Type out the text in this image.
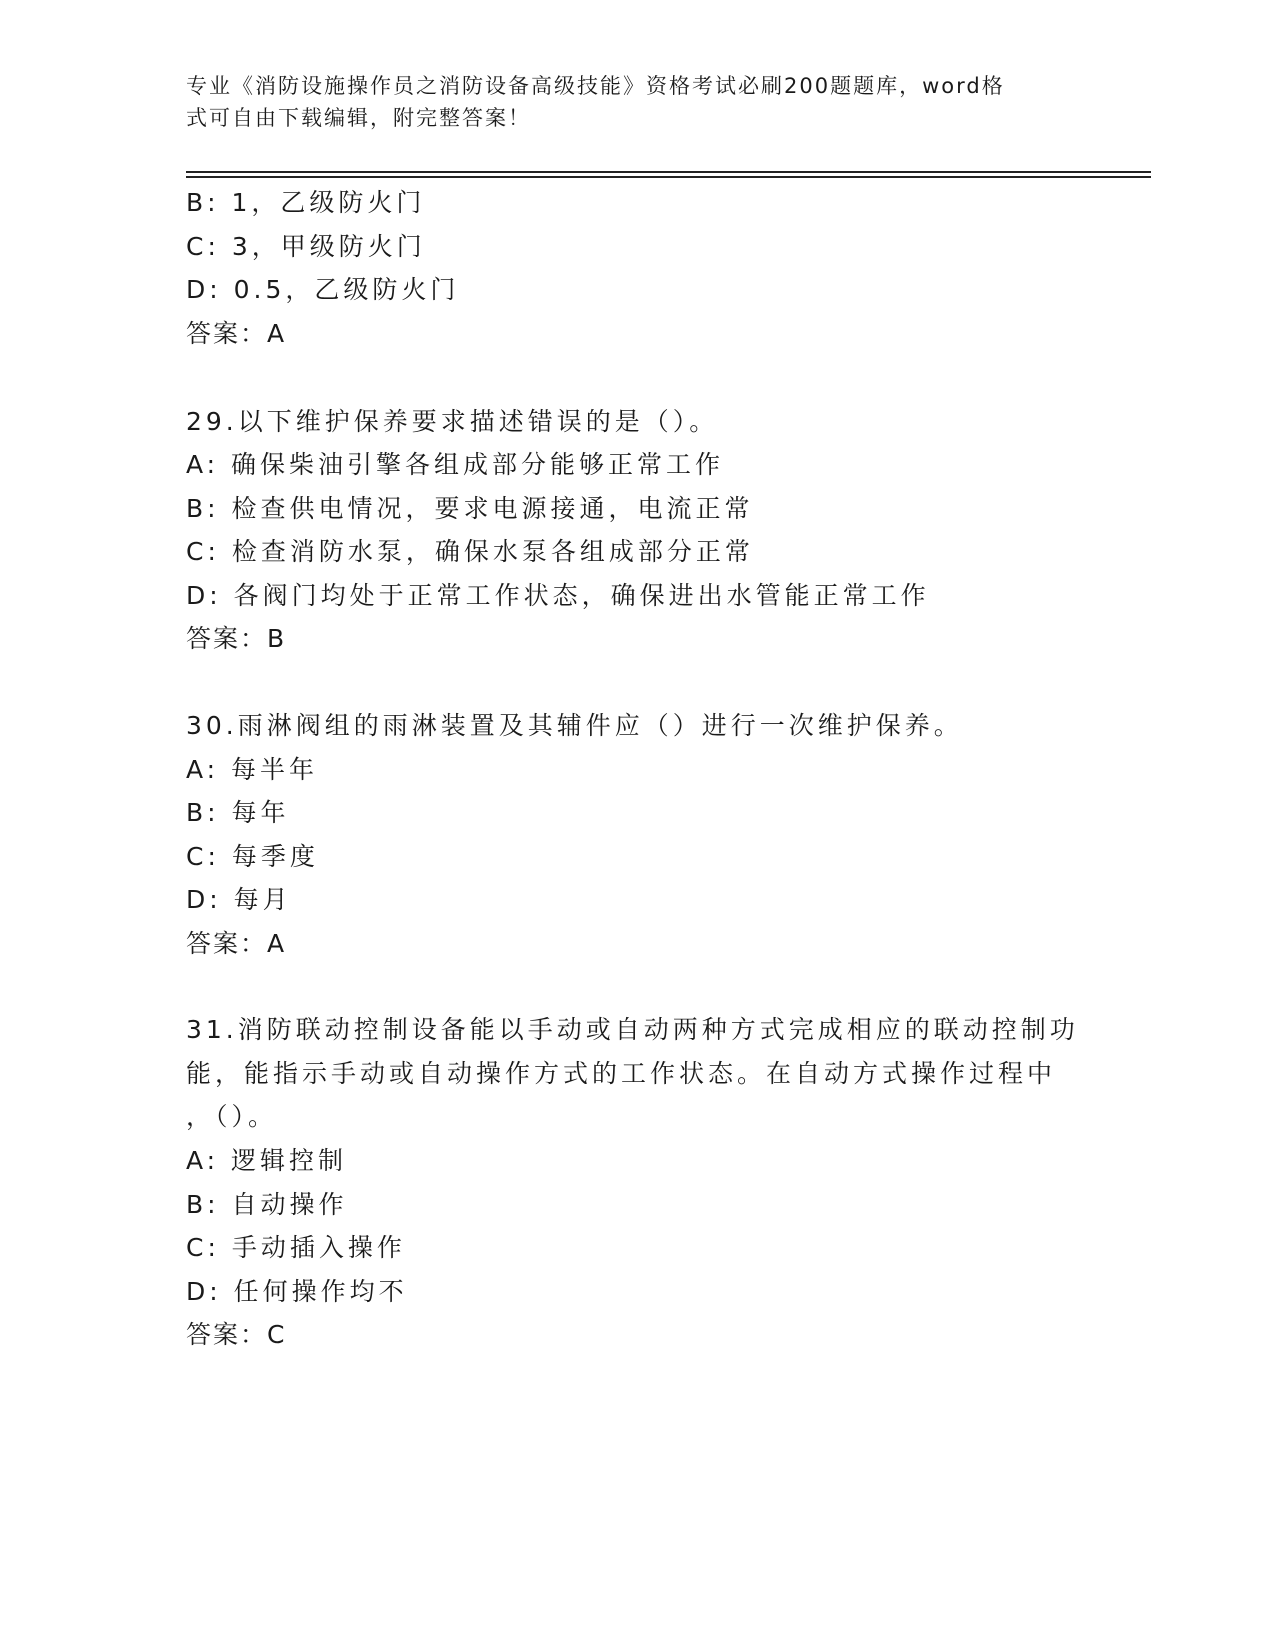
专业《消防设施操作员之消防设备高级技能》资格考试必刷200题题库，word格
式可自由下载编辑，附完整答案！
B: 1，乙级防火门
C: 3，甲级防火门
D: 0.5，乙级防火门
答案：A
29.以下维护保养要求描述错误的是（）。
A: 确保柴油引擎各组成部分能够正常工作
B: 检查供电情况，要求电源接通，电流正常
C: 检查消防水泵，确保水泵各组成部分正常
D: 各阀门均处于正常工作状态，确保进出水管能正常工作
答案：B
30.雨淋阀组的雨淋装置及其辅件应（）进行一次维护保养。
A: 每半年
B: 每年
C: 每季度
D: 每月
答案：A
31.消防联动控制设备能以手动或自动两种方式完成相应的联动控制功
能，能指示手动或自动操作方式的工作状态。在自动方式操作过程中
，（）。
A: 逻辑控制
B: 自动操作
C: 手动插入操作
D: 任何操作均不
答案：C
